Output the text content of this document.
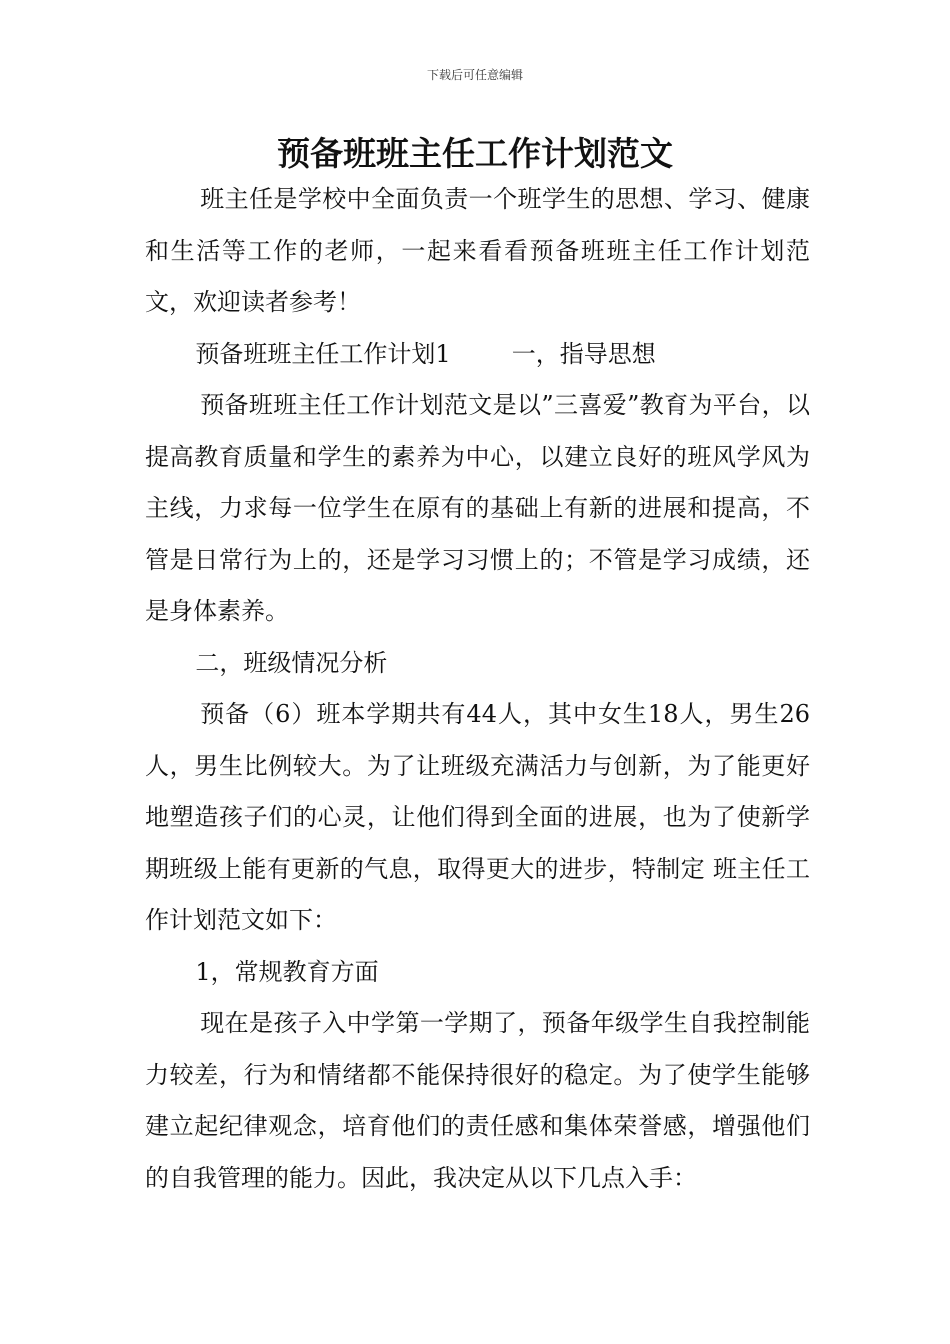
下载后可任意编辑
预备班班主任工作计划范文

班主任是学校中全面负责一个班学生的思想、学习、健康和生活等工作的老师，一起来看看预备班班主任工作计划范文，欢迎读者参考！

预备班班主任工作计划1        一，指导思想

预备班班主任工作计划范文是以”三喜爱”教育为平台，以提高教育质量和学生的素养为中心，以建立良好的班风学风为主线，力求每一位学生在原有的基础上有新的进展和提高，不管是日常行为上的，还是学习习惯上的；不管是学习成绩，还是身体素养。

二，班级情况分析

预备（6）班本学期共有44人，其中女生18人，男生26人，男生比例较大。为了让班级充满活力与创新，为了能更好地塑造孩子们的心灵，让他们得到全面的进展，也为了使新学期班级上能有更新的气息，取得更大的进步，特制定 班主任工作计划范文如下：

1，常规教育方面

现在是孩子入中学第一学期了，预备年级学生自我控制能力较差，行为和情绪都不能保持很好的稳定。为了使学生能够建立起纪律观念，培育他们的责任感和集体荣誉感，增强他们的自我管理的能力。因此，我决定从以下几点入手：
